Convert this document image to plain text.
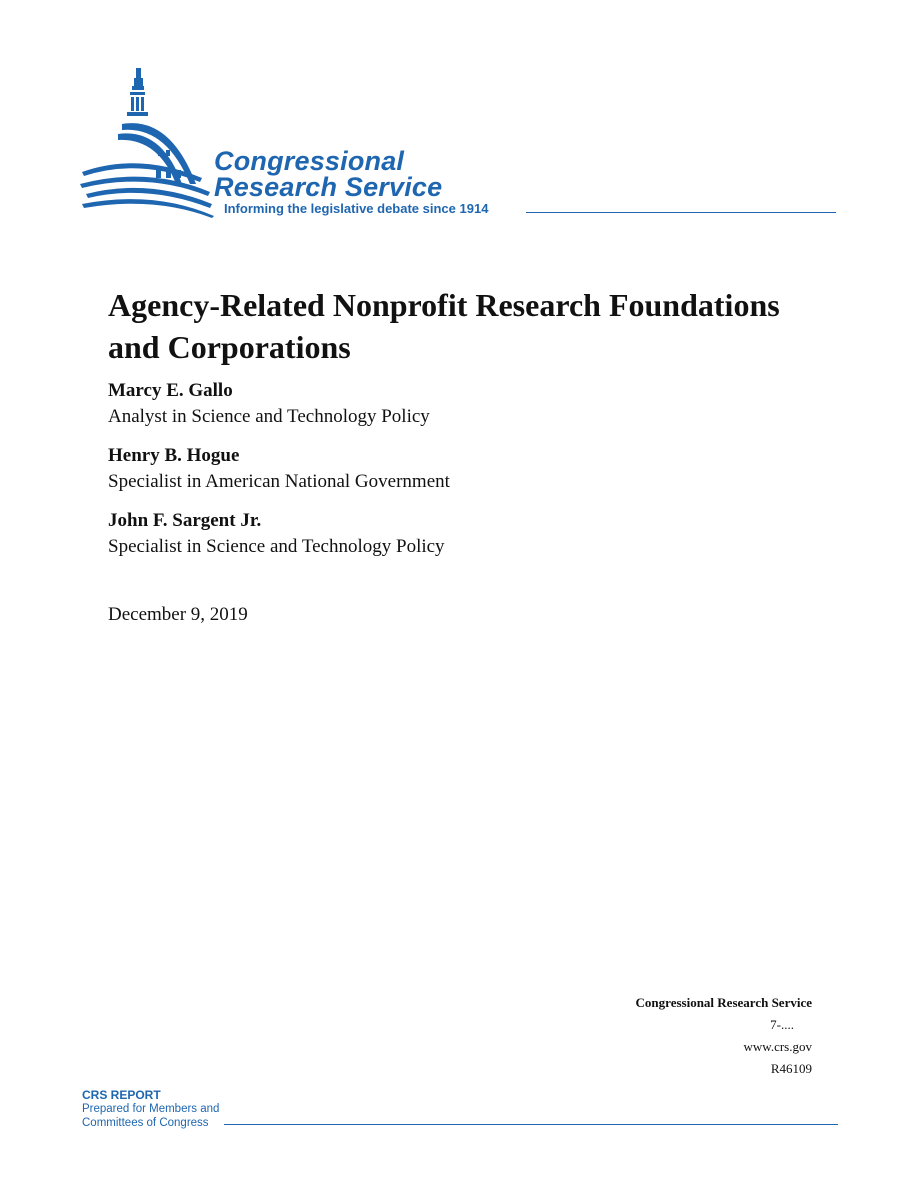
Congressional
Research Service
Informing the legislative debate since 1914
Agency-Related Nonprofit Research Foundations and Corporations
Marcy E. Gallo
Analyst in Science and Technology Policy
Henry B. Hogue
Specialist in American National Government
John F. Sargent Jr.
Specialist in Science and Technology Policy
December 9, 2019
Congressional Research Service
7-....
www.crs.gov
R46109
CRS REPORT
Prepared for Members and
Committees of Congress
